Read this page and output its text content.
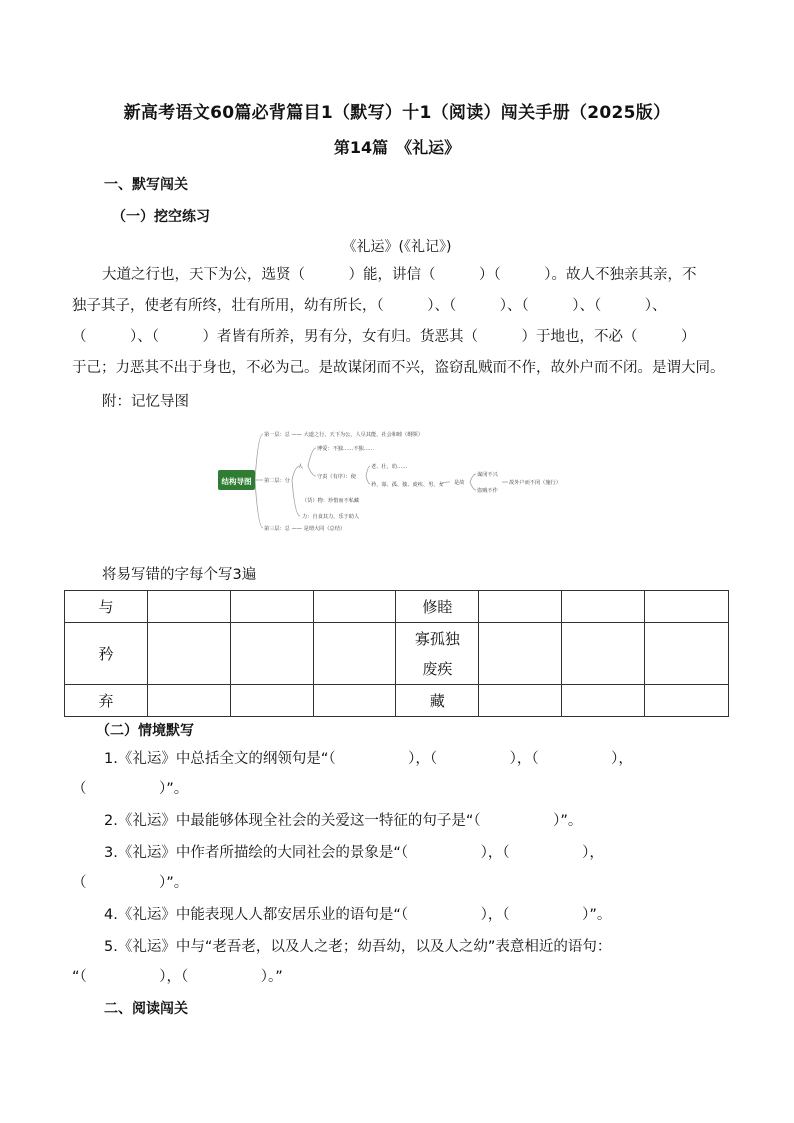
新高考语文60篇必背篇目1（默写）十1（阅读）闯关手册（2025版）
第14篇　《礼运》
一、默写闯关
（一）挖空练习
《礼运》(《礼记》)
大道之行也，天下为公，选贤（　　　）能，讲信（　　　）（　　　）。故人不独亲其亲，不
独子其子，使老有所终，壮有所用，幼有所长，（　　　）、（　　　）、（　　　）、（　　　）、
（　　　）、（　　　）者皆有所养，男有分，女有归。货恶其（　　　）于地也，不必（　　　）
于己；力恶其不出于身也，不必为己。是故谋闭而不兴，盗窃乱贼而不作，故外户而不闭。是谓大同。
附：记忆导图
结构导图
第一层：总 —— 大道之行，天下为公，人尽其能，社会和睦（纲领）
第二层：分
人
博爱：不独……不独……
守责（有序）：使
老、壮、幼……
矜、寡、孤、独、废疾、男、女
（货）物：珍惜而不私藏
力：自食其力，乐于助人
是故
谋闭不兴
盗贼不作
故外户而不闭（施行）
第三层：总 —— 是谓大同（总结）
将易写错的字每个写3遍
与				修睦			
矜				寡孤独
废疾			

弃				藏			
（二）情境默写
1.《礼运》中总括全文的纲领句是“（　　　　　），（　　　　　），（　　　　　），
（　　　　　）”。
2.《礼运》中最能够体现全社会的关爱这一特征的句子是“（　　　　　）”。
3.《礼运》中作者所描绘的大同社会的景象是“（　　　　　），（　　　　　），
（　　　　　）”。
4.《礼运》中能表现人人都安居乐业的语句是“（　　　　　），（　　　　　）”。
5.《礼运》中与“老吾老，以及人之老；幼吾幼，以及人之幼”表意相近的语句：
“（　　　　　），（　　　　　）。”
二、阅读闯关
